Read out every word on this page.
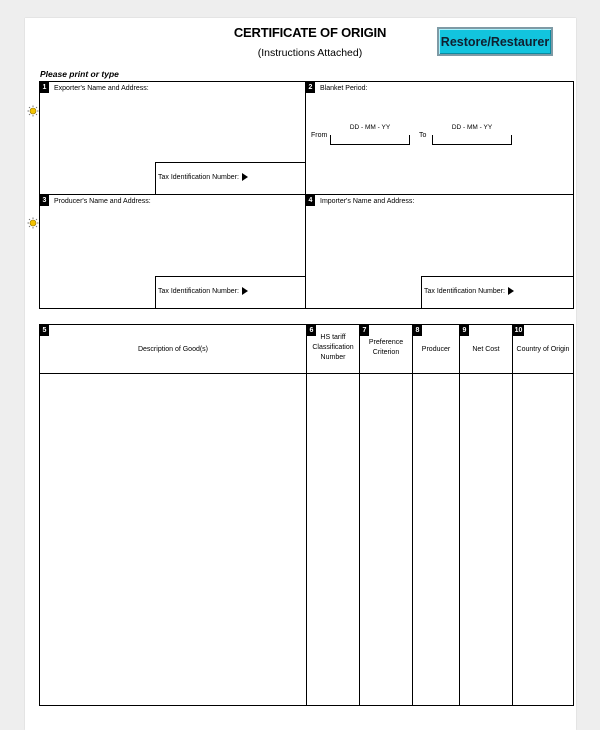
CERTIFICATE OF ORIGIN
(Instructions Attached)
Restore/Restaurer
Please print or type
1	Exporter's Name and Address:
Tax Identification Number:
2	Blanket Period:
From
DD - MM - YY
To
DD - MM - YY
3	Producer's Name and Address:
Tax Identification Number:
4	Importer's Name and Address:
Tax Identification Number:
5
Description of Good(s)
6
HS tariff Classification Number
7
Preference Criterion
8
Producer
9
Net Cost
10
Country of Origin
